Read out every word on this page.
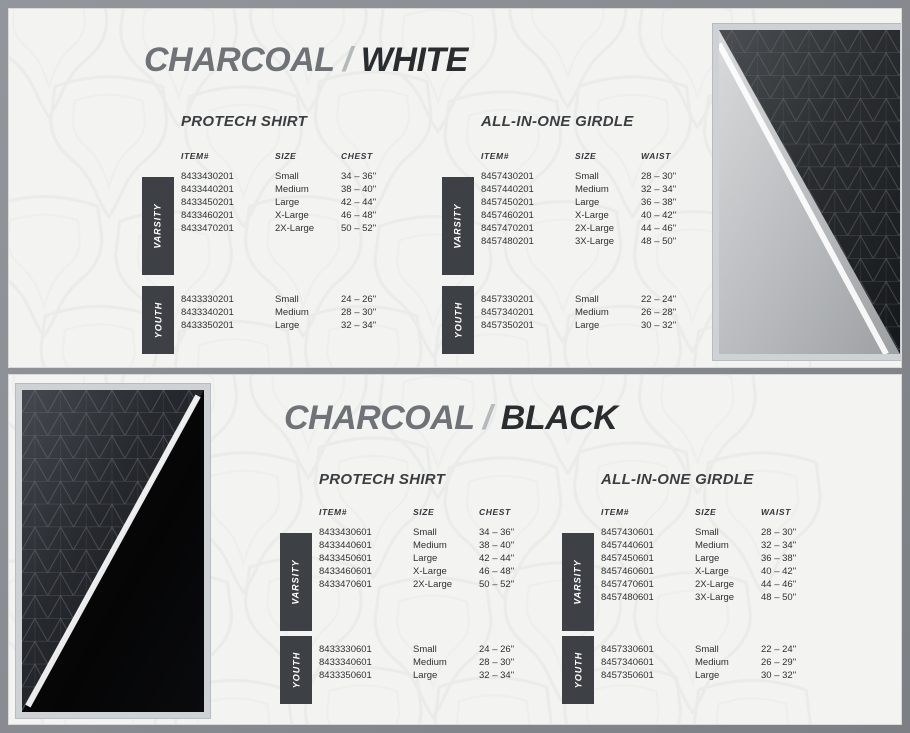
CHARCOAL / WHITE
PROTECH SHIRT
ITEM#	SIZE	CHEST
8433430201	Small	34 – 36"
8433440201	Medium	38 – 40"
8433450201	Large	42 – 44"
8433460201	X-Large	46 – 48"
8433470201	2X-Large	50 – 52"
VARSITY
8433330201	Small	24 – 26"
8433340201	Medium	28 – 30"
8433350201	Large	32 – 34"
YOUTH
ALL-IN-ONE GIRDLE
ITEM#	SIZE	WAIST
8457430201	Small	28 – 30"
8457440201	Medium	32 – 34"
8457450201	Large	36 – 38"
8457460201	X-Large	40 – 42"
8457470201	2X-Large	44 – 46"
8457480201	3X-Large	48 – 50"
VARSITY
8457330201	Small	22 – 24"
8457340201	Medium	26 – 28"
8457350201	Large	30 – 32"
YOUTH
CHARCOAL / BLACK
PROTECH SHIRT
ITEM#	SIZE	CHEST
8433430601	Small	34 – 36"
8433440601	Medium	38 – 40"
8433450601	Large	42 – 44"
8433460601	X-Large	46 – 48"
8433470601	2X-Large	50 – 52"
VARSITY
8433330601	Small	24 – 26"
8433340601	Medium	28 – 30"
8433350601	Large	32 – 34"
YOUTH
ALL-IN-ONE GIRDLE
ITEM#	SIZE	WAIST
8457430601	Small	28 – 30"
8457440601	Medium	32 – 34"
8457450601	Large	36 – 38"
8457460601	X-Large	40 – 42"
8457470601	2X-Large	44 – 46"
8457480601	3X-Large	48 – 50"
VARSITY
8457330601	Small	22 – 24"
8457340601	Medium	26 – 29"
8457350601	Large	30 – 32"
YOUTH
